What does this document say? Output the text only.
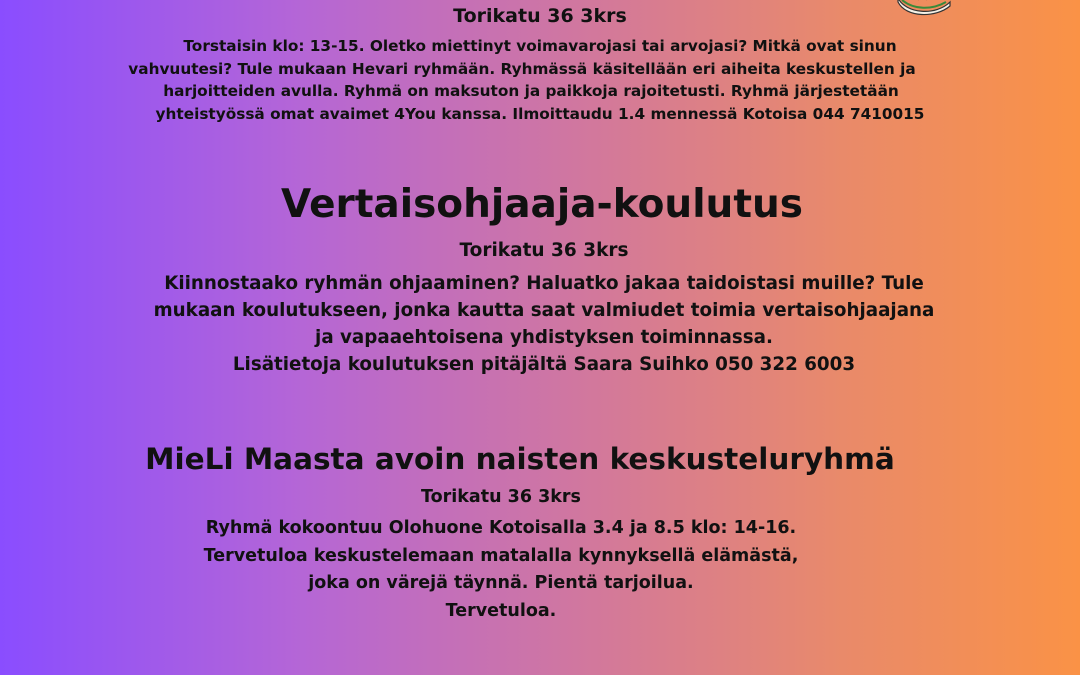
Torikatu 36 3krs
Torstaisin klo: 13-15. Oletko miettinyt voimavarojasi tai arvojasi? Mitkä ovat sinun
vahvuutesi? Tule mukaan Hevari ryhmään. Ryhmässä käsitellään eri aiheita keskustellen ja
harjoitteiden avulla. Ryhmä on maksuton ja paikkoja rajoitetusti. Ryhmä järjestetään
yhteistyössä omat avaimet 4You kanssa. Ilmoittaudu 1.4 mennessä Kotoisa 044 7410015
Vertaisohjaaja-koulutus
Torikatu 36 3krs
Kiinnostaako ryhmän ohjaaminen? Haluatko jakaa taidoistasi muille? Tule
mukaan koulutukseen, jonka kautta saat valmiudet toimia vertaisohjaajana
ja vapaaehtoisena yhdistyksen toiminnassa.
Lisätietoja koulutuksen pitäjältä Saara Suihko 050 322 6003
MieLi Maasta avoin naisten keskusteluryhmä
Torikatu 36 3krs
Ryhmä kokoontuu Olohuone Kotoisalla 3.4 ja 8.5 klo: 14-16.
Tervetuloa keskustelemaan matalalla kynnyksellä elämästä,
joka on värejä täynnä. Pientä tarjoilua.
Tervetuloa.
